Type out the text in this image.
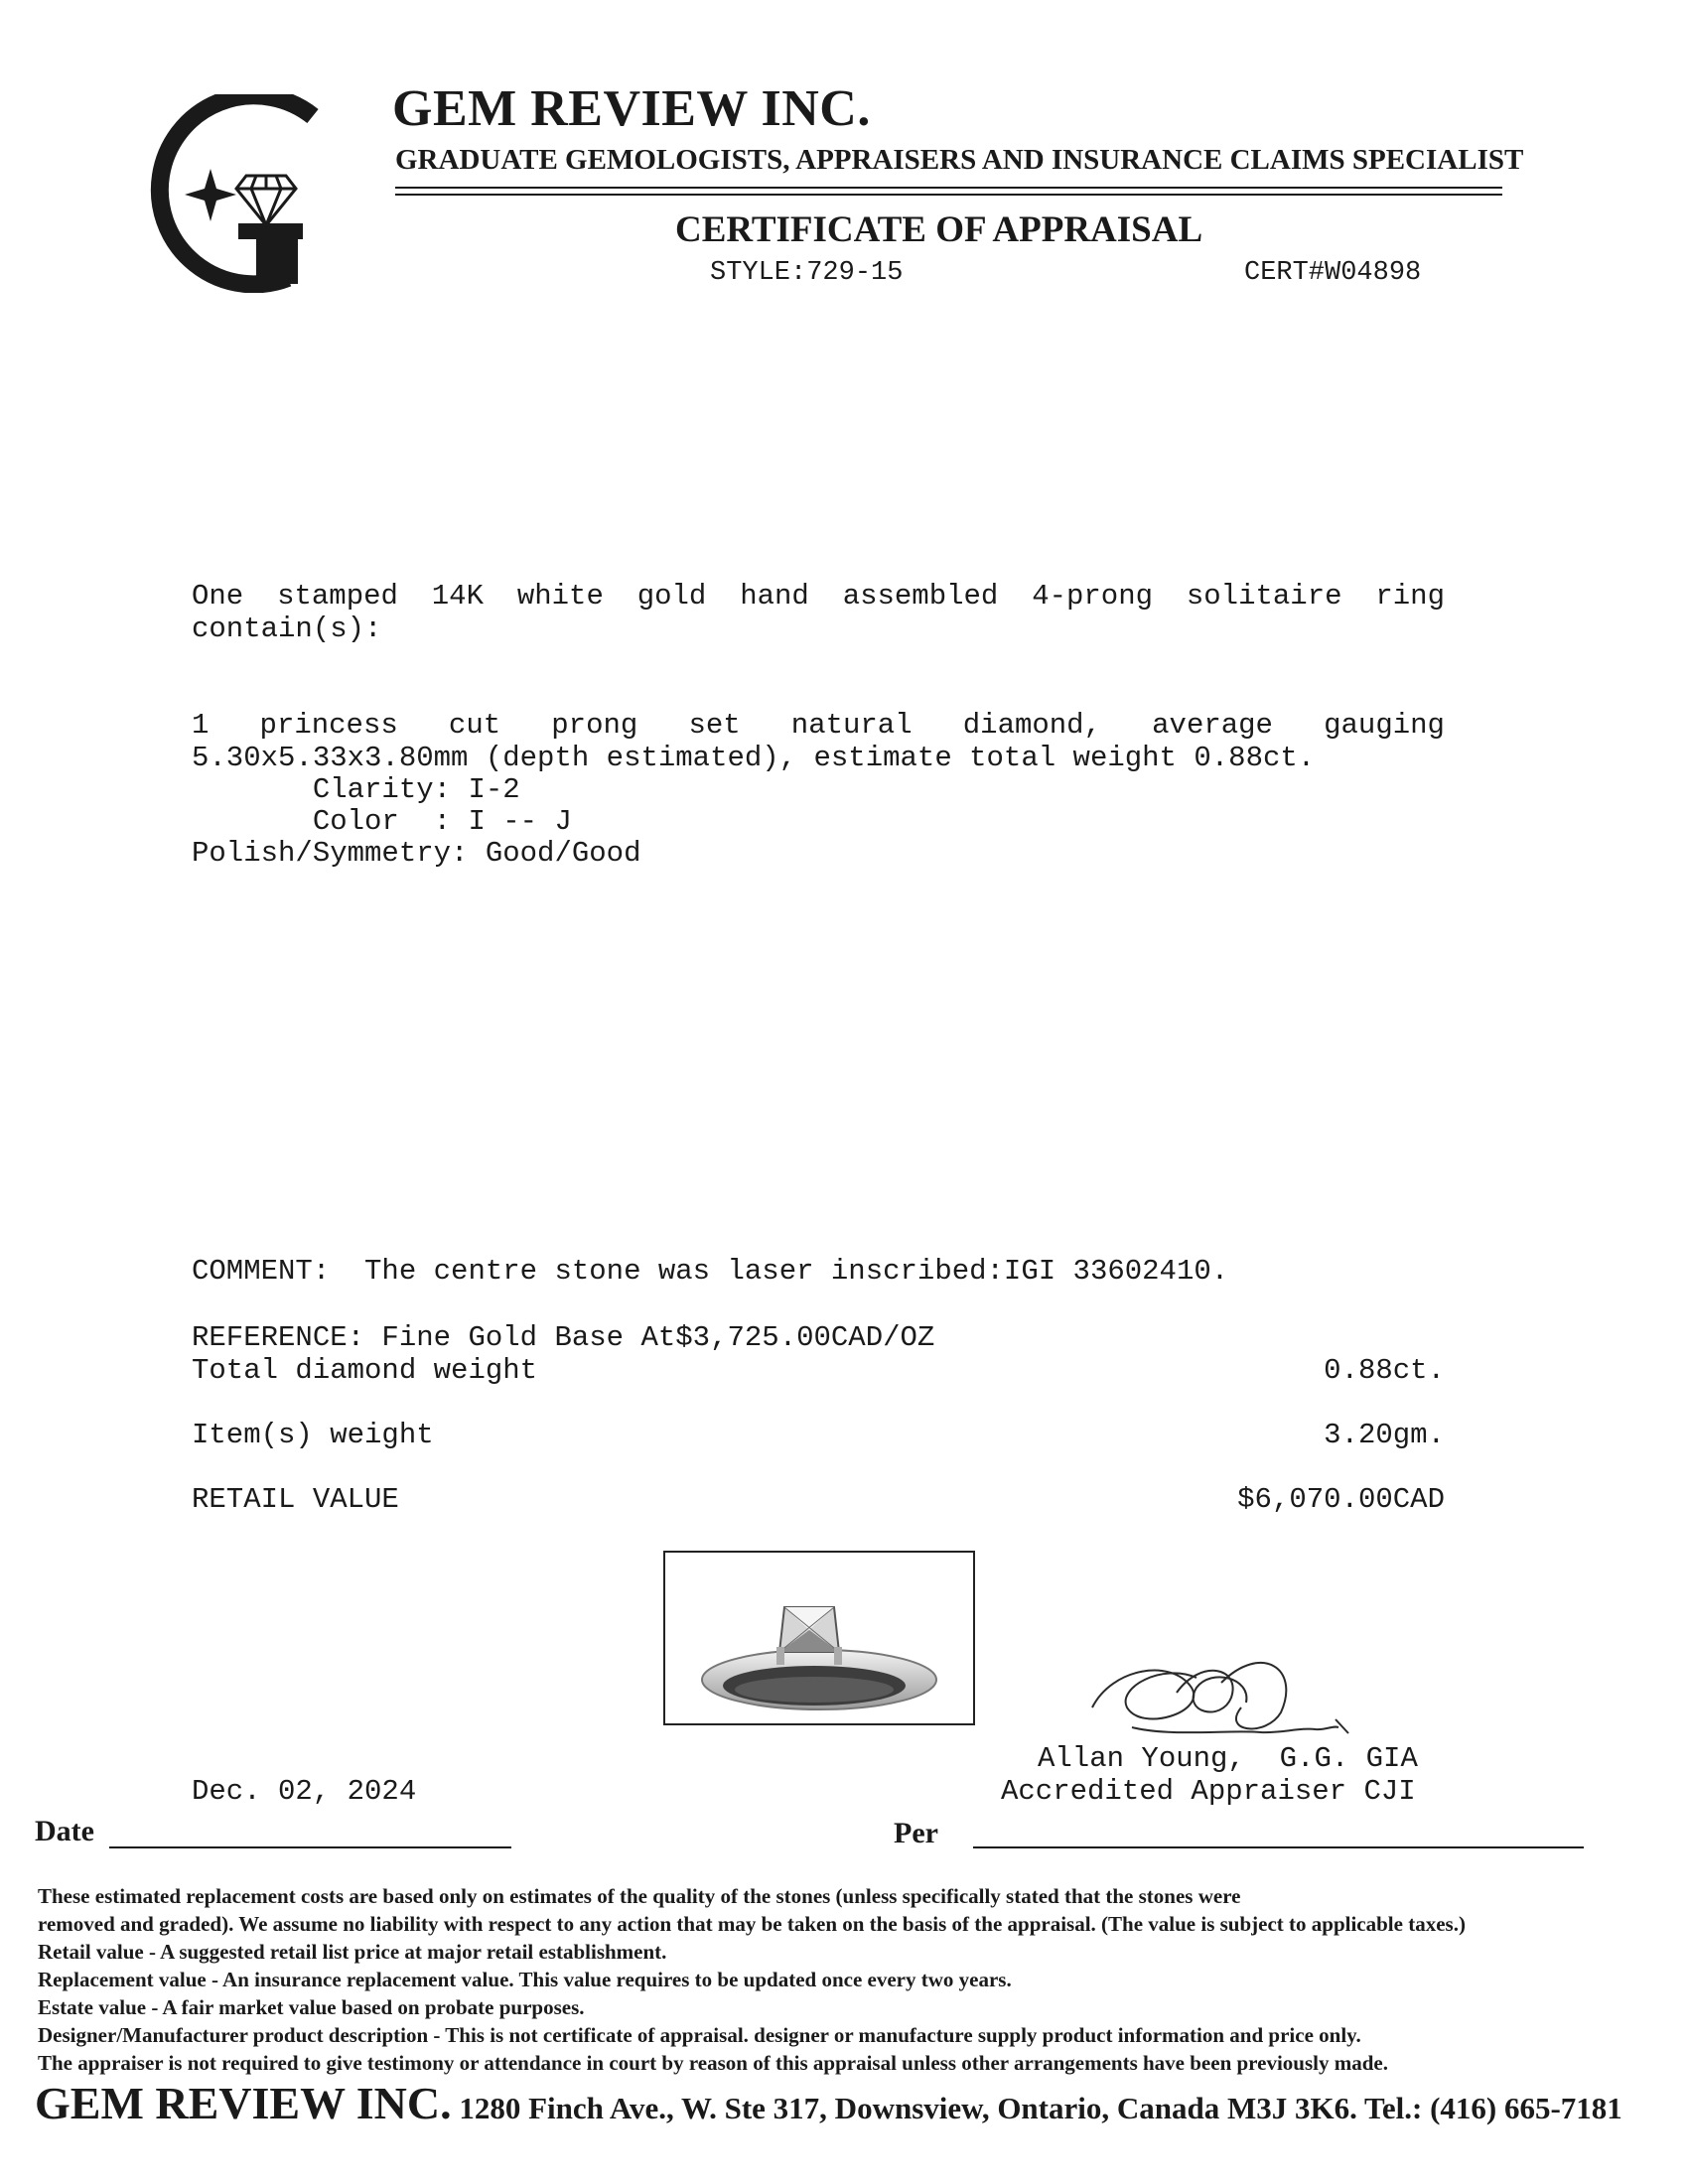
GEM REVIEW INC.
GRADUATE GEMOLOGISTS, APPRAISERS AND INSURANCE CLAIMS SPECIALIST
CERTIFICATE OF APPRAISAL
STYLE:729-15	CERT#W04898
One stamped 14K white gold hand assembled 4-prong solitaire ring
contain(s):
1 princess cut prong set natural diamond, average gauging
5.30x5.33x3.80mm (depth estimated), estimate total weight 0.88ct.
Clarity: I-2
Color  : I -- J
Polish/Symmetry: Good/Good
COMMENT:  The centre stone was laser inscribed:IGI 33602410.
REFERENCE: Fine Gold Base At$3,725.00CAD/OZ
Total diamond weight	0.88ct.
Item(s) weight	3.20gm.
RETAIL VALUE	$6,070.00CAD
Allan Young,  G.G. GIA
Accredited Appraiser CJI
Dec. 02, 2024
Date	Per
These estimated replacement costs are based only on estimates of the quality of the stones (unless specifically stated that the stones were
removed and graded). We assume no liability with respect to any action that may be taken on the basis of the appraisal. (The value is subject to applicable taxes.)
Retail value - A suggested retail list price at major retail establishment.
Replacement value - An insurance replacement value. This value requires to be updated once every two years.
Estate value - A fair market value based on probate purposes.
Designer/Manufacturer product description - This is not certificate of appraisal. designer or manufacture supply product information and price only.
The appraiser is not required to give testimony or attendance in court by reason of this appraisal unless other arrangements have been previously made.
GEM REVIEW INC. 1280 Finch Ave., W. Ste 317, Downsview, Ontario, Canada M3J 3K6. Tel.: (416) 665-7181
